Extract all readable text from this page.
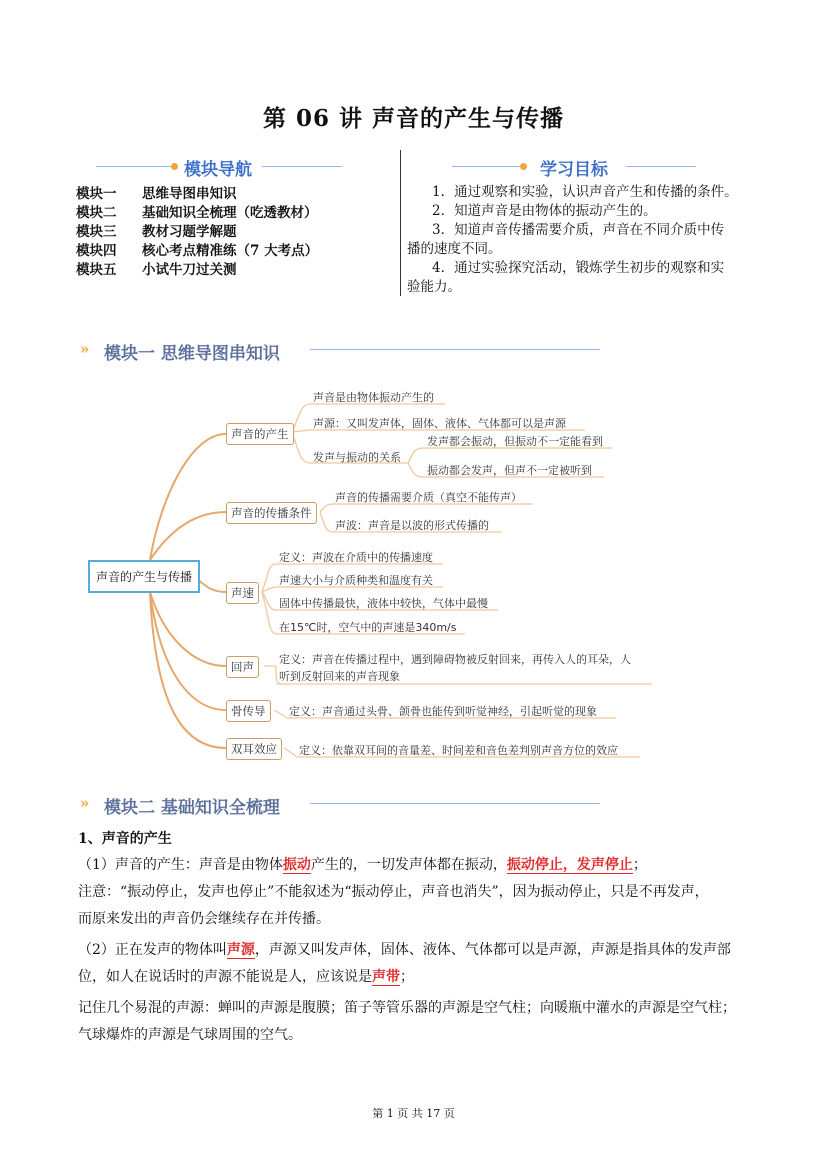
第 06 讲 声音的产生与传播
模块导航
模块一 思维导图串知识
模块二 基础知识全梳理（吃透教材）
模块三 教材习题学解题
模块四 核心考点精准练（7 大考点）
模块五 小试牛刀过关测
学习目标
1．通过观察和实验，认识声音产生和传播的条件。
2．知道声音是由物体的振动产生的。
3．知道声音传播需要介质，声音在不同介质中传
播的速度不同。
4．通过实验探究活动，锻炼学生初步的观察和实
验能力。
» 模块一 思维导图串知识
声音的产生与传播
声音的产生
声音是由物体振动产生的
声源：又叫发声体，固体、液体、气体都可以是声源
发声与振动的关系
发声都会振动，但振动不一定能看到
振动都会发声，但声不一定被听到
声音的传播条件
声音的传播需要介质（真空不能传声）
声波：声音是以波的形式传播的
声速
定义：声波在介质中的传播速度
声速大小与介质种类和温度有关
固体中传播最快，液体中较快，气体中最慢
在15℃时，空气中的声速是340m/s
回声
定义：声音在传播过程中，遇到障碍物被反射回来，再传入人的耳朵，人
听到反射回来的声音现象
骨传导	定义：声音通过头骨、颌骨也能传到听觉神经，引起听觉的现象
双耳效应	定义：依靠双耳间的音量差、时间差和音色差判别声音方位的效应
» 模块二 基础知识全梳理
1、声音的产生
（1）声音的产生：声音是由物体振动产生的，一切发声体都在振动，振动停止，发声停止；
注意：“振动停止，发声也停止”不能叙述为“振动停止，声音也消失”，因为振动停止，只是不再发声，
而原来发出的声音仍会继续存在并传播。
（2）正在发声的物体叫声源，声源又叫发声体，固体、液体、气体都可以是声源，声源是指具体的发声部
位，如人在说话时的声源不能说是人，应该说是声带；
记住几个易混的声源：蝉叫的声源是腹膜；笛子等管乐器的声源是空气柱；向暖瓶中灌水的声源是空气柱；
气球爆炸的声源是气球周围的空气。
第 1 页 共 17 页
